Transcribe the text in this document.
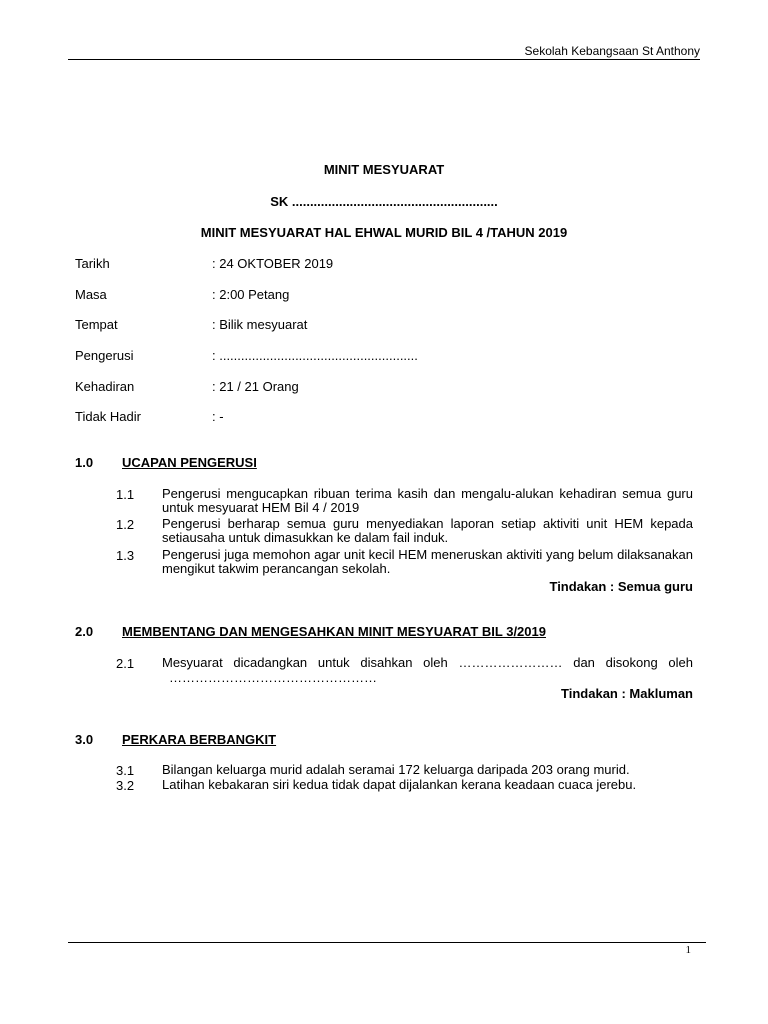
Sekolah Kebangsaan St Anthony
MINIT MESYUARAT
SK .........................................................
MINIT MESYUARAT HAL EHWAL MURID BIL 4 /TAHUN 2019
Tarikh	: 24 OKTOBER 2019
Masa	: 2:00 Petang
Tempat	: Bilik mesyuarat
Pengerusi	: .......................................................
Kehadiran	: 21 / 21 Orang
Tidak Hadir	: -
1.0 UCAPAN PENGERUSI
1.1 Pengerusi mengucapkan ribuan terima kasih dan mengalu-alukan kehadiran semua guru untuk mesyuarat HEM Bil 4 / 2019
1.2 Pengerusi berharap semua guru menyediakan laporan setiap aktiviti unit HEM kepada setiausaha untuk dimasukkan ke dalam fail induk.
1.3 Pengerusi juga memohon agar unit kecil HEM meneruskan aktiviti yang belum dilaksanakan mengikut takwim perancangan sekolah.
Tindakan : Semua guru
2.0 MEMBENTANG DAN MENGESAHKAN MINIT MESYUARAT BIL 3/2019
2.1 Mesyuarat dicadangkan untuk disahkan oleh …………………… dan disokong oleh
…………………………………………
Tindakan : Makluman
3.0 PERKARA BERBANGKIT
3.1 Bilangan keluarga murid adalah seramai 172 keluarga daripada 203 orang murid.
3.2 Latihan kebakaran siri kedua tidak dapat dijalankan kerana keadaan cuaca jerebu.
1
